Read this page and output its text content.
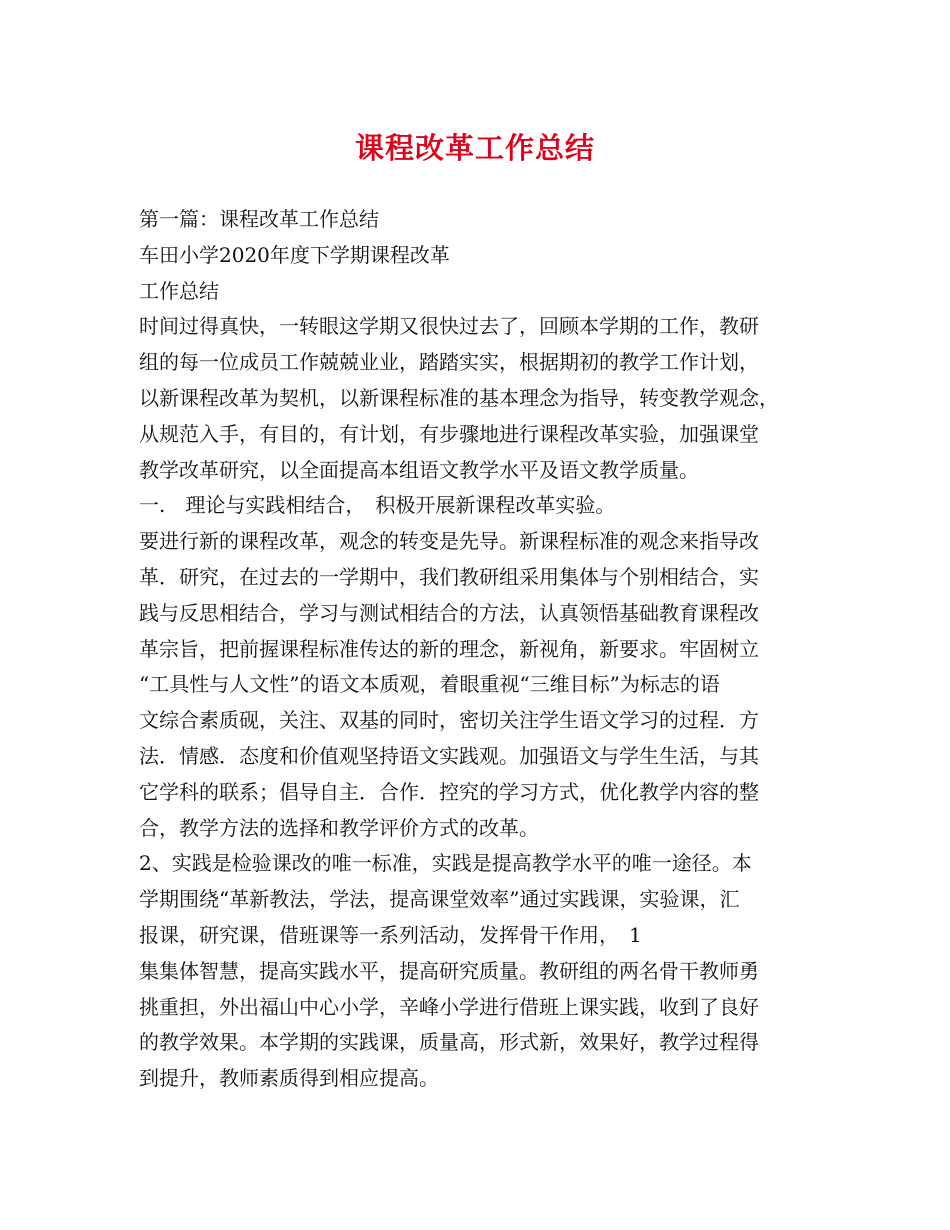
课程改革工作总结
第一篇：课程改革工作总结
车田小学2020年度下学期课程改革
工作总结
时间过得真快，一转眼这学期又很快过去了，回顾本学期的工作，教研
组的每一位成员工作兢兢业业，踏踏实实，根据期初的教学工作计划，
以新课程改革为契机，以新课程标准的基本理念为指导，转变教学观念，
从规范入手，有目的，有计划，有步骤地进行课程改革实验，加强课堂
教学改革研究，以全面提高本组语文教学水平及语文教学质量。
一.　理论与实践相结合，　积极开展新课程改革实验。
要进行新的课程改革，观念的转变是先导。新课程标准的观念来指导改
革．研究，在过去的一学期中，我们教研组采用集体与个别相结合，实
践与反思相结合，学习与测试相结合的方法，认真领悟基础教育课程改
革宗旨，把前握课程标准传达的新的理念，新视角，新要求。牢固树立
“工具性与人文性”的语文本质观，着眼重视“三维目标”为标志的语
文综合素质砚，关注、双基的同时，密切关注学生语文学习的过程．方
法．情感．态度和价值观坚持语文实践观。加强语文与学生生活，与其
它学科的联系；倡导自主．合作．控究的学习方式，优化教学内容的整
合，教学方法的选择和教学评价方式的改革。
2、实践是检验课改的唯一标准，实践是提高教学水平的唯一途径。本
学期围绕“革新教法，学法，提高课堂效率”通过实践课，实验课，汇
报课，研究课，借班课等一系列活动，发挥骨干作用，　1
集集体智慧，提高实践水平，提高研究质量。教研组的两名骨干教师勇
挑重担，外出福山中心小学，辛峰小学进行借班上课实践，收到了良好
的教学效果。本学期的实践课，质量高，形式新，效果好，教学过程得
到提升，教师素质得到相应提高。
